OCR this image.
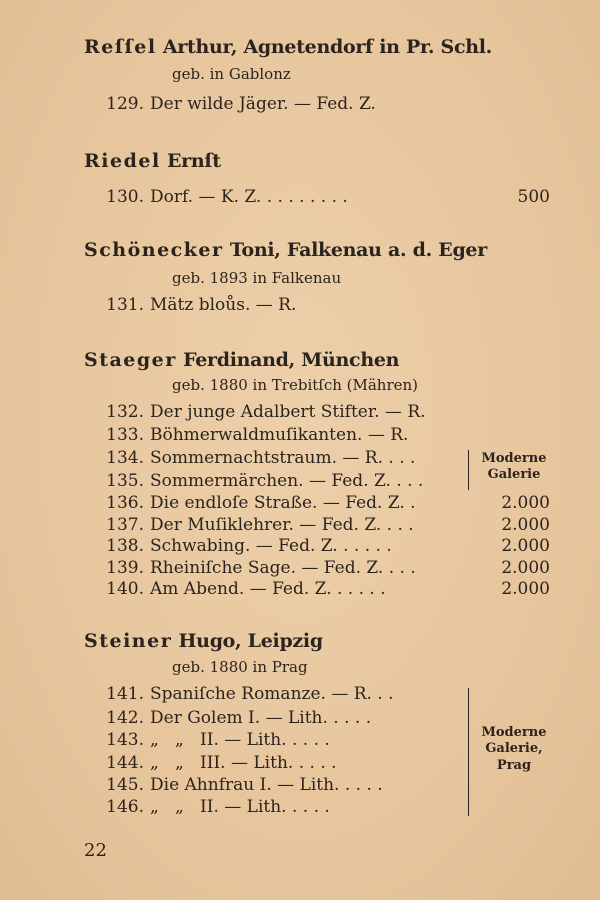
Reſſel Arthur, Agnetendorf in Pr. Schl.
geb. in Gablonz
129. Der wilde Jäger. — Fed. Z.
Riedel Ernſt
130. Dorf. — K. Z. . . . . . . . .	500
Schönecker Toni, Falkenau a. d. Eger
geb. 1893 in Falkenau
131. Mätz bloůs. — R.
Staeger Ferdinand, München
geb. 1880 in Trebitſch (Mähren)
132. Der junge Adalbert Stifter. — R.
133. Böhmerwaldmuſikanten. — R.
134. Sommernachtstraum. — R. . . .
135. Sommermärchen. — Fed. Z. . . .
Moderne
Galerie
136. Die endloſe Straße. — Fed. Z. .	2.000
137. Der Muſiklehrer. — Fed. Z. . . .	2.000
138. Schwabing. — Fed. Z. . . . . .	2.000
139. Rheiniſche Sage. — Fed. Z. . . .	2.000
140. Am Abend. — Fed. Z. . . . . .	2.000
Steiner Hugo, Leipzig
geb. 1880 in Prag
141. Spaniſche Romanze. — R. . .
142. Der Golem I. — Lith. . . . .
143. „   „   II. — Lith. . . . .
144. „   „   III. — Lith. . . . .
145. Die Ahnfrau I. — Lith. . . . .
146. „   „   II. — Lith. . . . .
Moderne
Galerie,
Prag
22
